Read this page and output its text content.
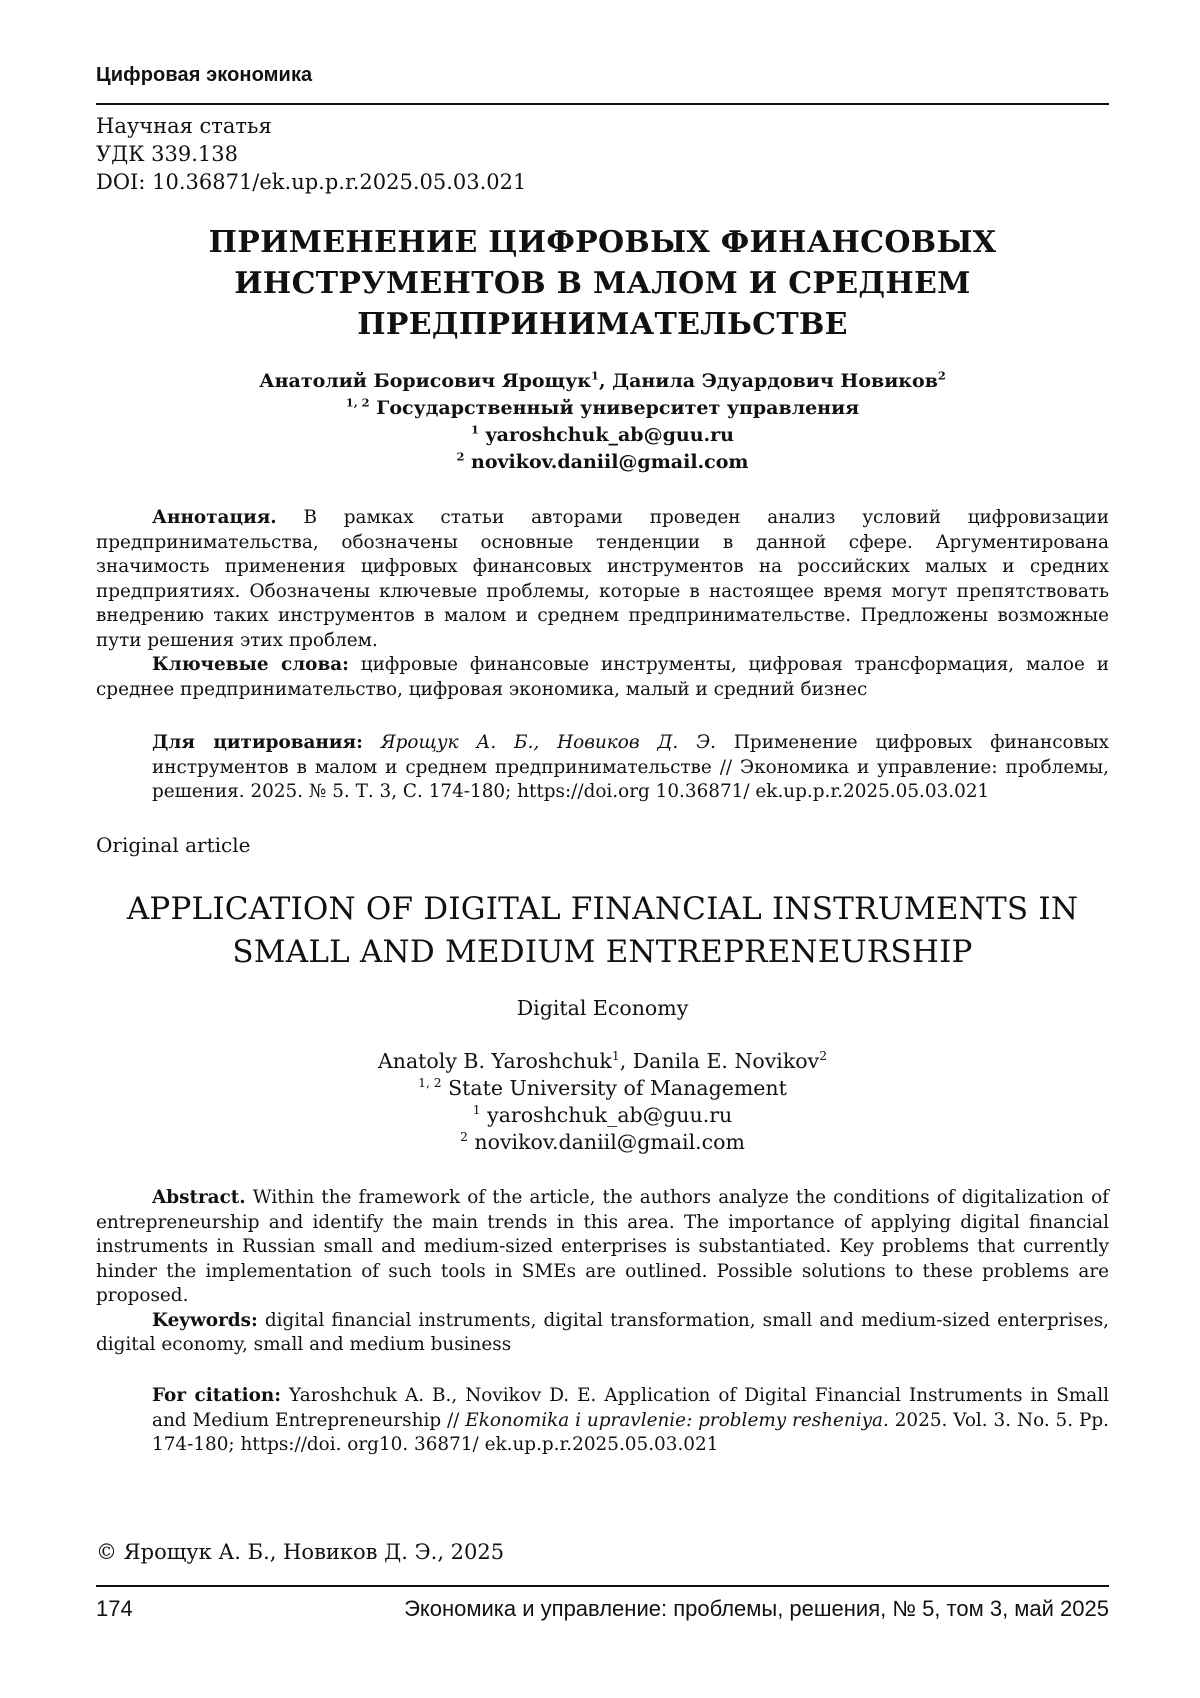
Цифровая экономика
Научная статья
УДК 339.138
DOI: 10.36871/ek.up.p.r.2025.05.03.021
ПРИМЕНЕНИЕ ЦИФРОВЫХ ФИНАНСОВЫХ
ИНСТРУМЕНТОВ В МАЛОМ И СРЕДНЕМ
ПРЕДПРИНИМАТЕЛЬСТВЕ
Анатолий Борисович Ярощук$^1$, Данила Эдуардович Новиков$^2$
$^{1, 2}$ Государственный университет управления
$^1$ yaroshchuk_ab@guu.ru
$^2$ novikov.daniil@gmail.com

Аннотация. В рамках статьи авторами проведен анализ условий цифровизации предпринимательства, обозначены основные тенденции в данной сфере. Аргументирована значимость применения цифровых финансовых инструментов на российских малых и средних предприятиях. Обозначены ключевые проблемы, которые в настоящее время могут препятствовать внедрению таких инструментов в малом и среднем предпринимательстве. Предложены возможные пути решения этих проблем.

Ключевые слова: цифровые финансовые инструменты, цифровая трансформация, малое и среднее предпринимательство, цифровая экономика, малый и средний бизнес

Для цитирования: Ярощук А. Б., Новиков Д. Э. Применение цифровых финансовых инструментов в малом и среднем предпринимательстве // Экономика и управление: проблемы, решения. 2025. № 5. Т. 3, С. 174-180; https://doi.org 10.36871/ ek.up.p.r.2025.05.03.021

Original article
APPLICATION OF DIGITAL FINANCIAL INSTRUMENTS IN
SMALL AND MEDIUM ENTREPRENEURSHIP
Digital Economy
Anatoly B. Yaroshchuk$^1$, Danila E. Novikov$^2$
$^{1, 2}$ State University of Management
$^1$ yaroshchuk_ab@guu.ru
$^2$ novikov.daniil@gmail.com

Abstract. Within the framework of the article, the authors analyze the conditions of digitalization of entrepreneurship and identify the main trends in this area. The importance of applying digital financial instruments in Russian small and medium-sized enterprises is substantiated. Key problems that currently hinder the implementation of such tools in SMEs are outlined. Possible solutions to these problems are proposed.

Keywords: digital financial instruments, digital transformation, small and medium-sized enterprises, digital economy, small and medium business

For citation: Yaroshchuk A. B., Novikov D. E. Application of Digital Financial Instruments in Small and Medium Entrepreneurship // Ekonomika i upravlenie: problemy resheniya. 2025. Vol. 3. No. 5. Pp. 174-180; https://doi. org10. 36871/ ek.up.p.r.2025.05.03.021

© Ярощук А. Б., Новиков Д. Э., 2025
174	Экономика и управление: проблемы, решения, № 5, том 3, май 2025
